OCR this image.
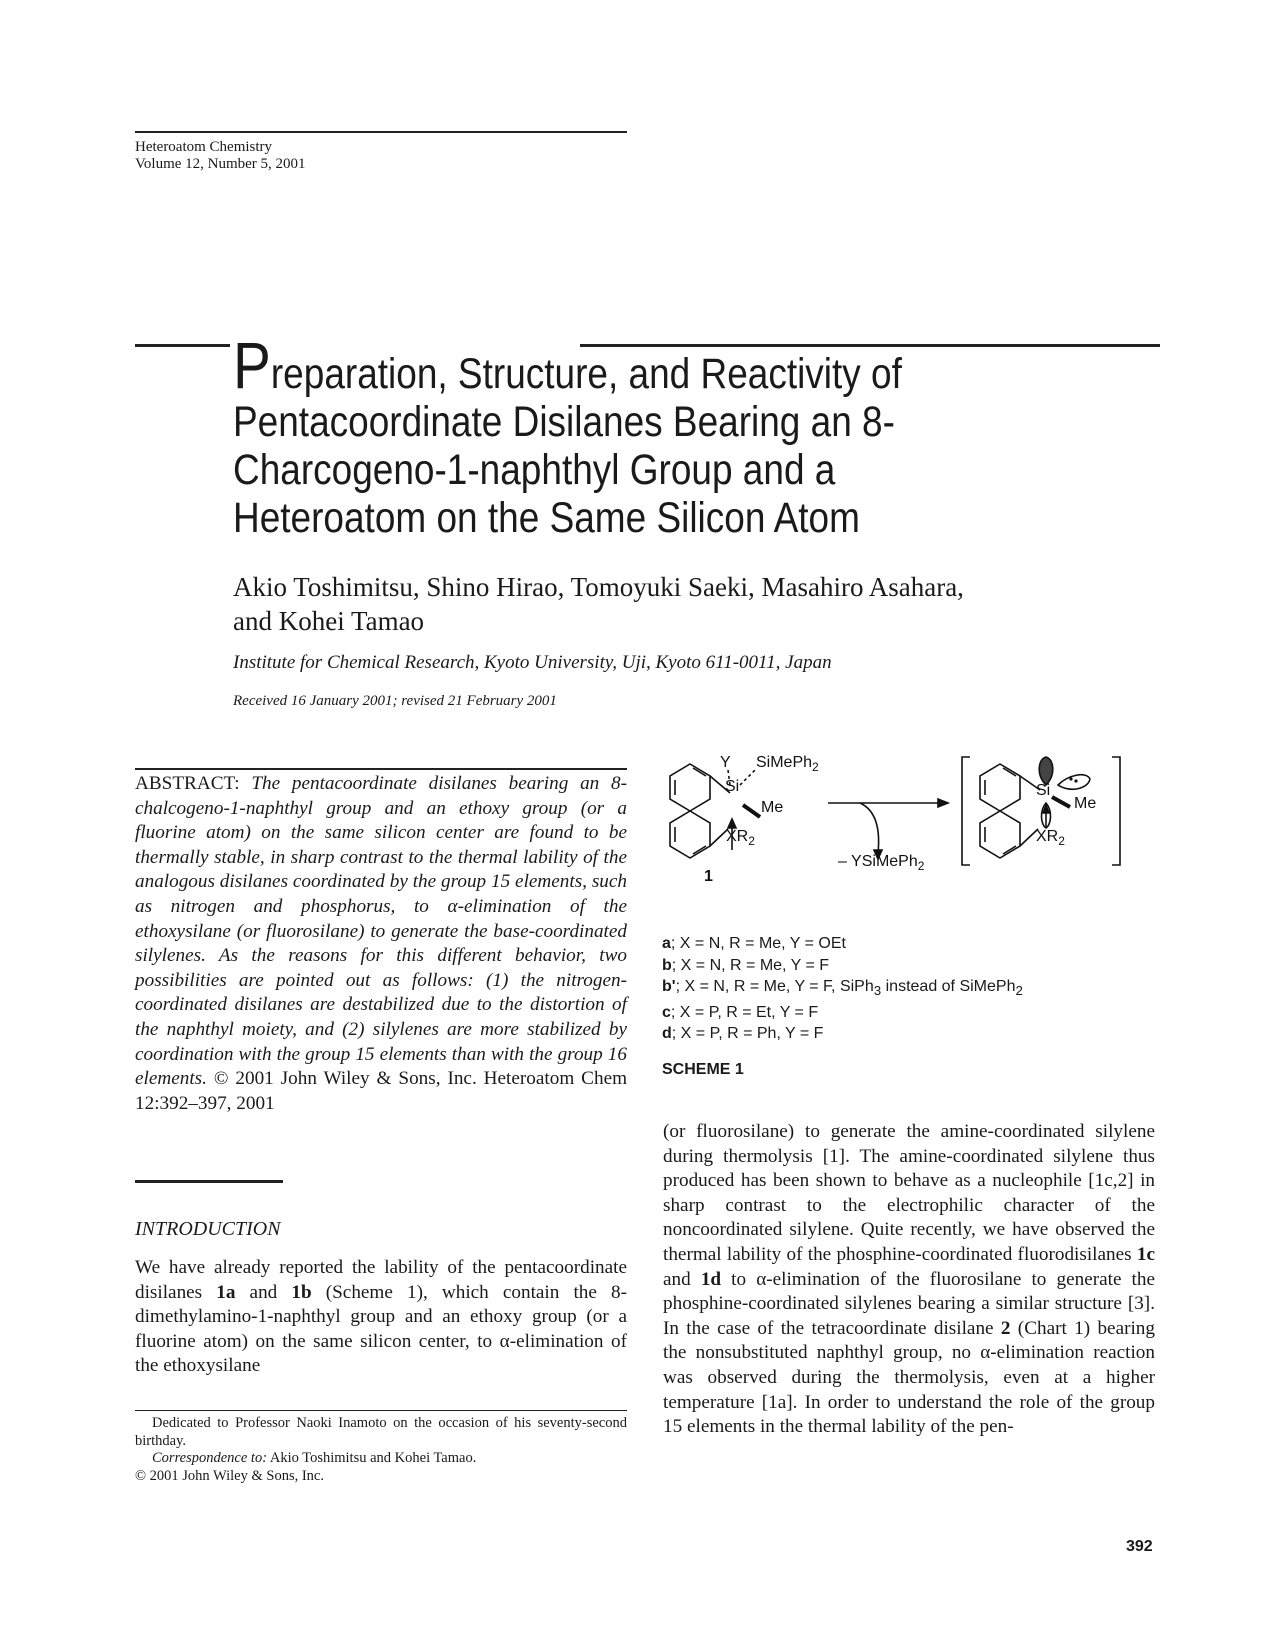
Heteroatom Chemistry
Volume 12, Number 5, 2001
Preparation, Structure, and Reactivity of
Pentacoordinate Disilanes Bearing an 8-
Charcogeno-1-naphthyl Group and a
Heteroatom on the Same Silicon Atom
Akio Toshimitsu, Shino Hirao, Tomoyuki Saeki, Masahiro Asahara,
and Kohei Tamao
Institute for Chemical Research, Kyoto University, Uji, Kyoto 611-0011, Japan
Received 16 January 2001; revised 21 February 2001
ABSTRACT: The pentacoordinate disilanes bearing an 8-chalcogeno-1-naphthyl group and an ethoxy group (or a fluorine atom) on the same silicon center are found to be thermally stable, in sharp contrast to the thermal lability of the analogous disilanes coordinated by the group 15 elements, such as nitrogen and phosphorus, to α-elimination of the ethoxysilane (or fluorosilane) to generate the base-coordinated silylenes. As the reasons for this different behavior, two possibilities are pointed out as follows: (1) the nitrogen-coordinated disilanes are destabilized due to the distortion of the naphthyl moiety, and (2) silylenes are more stabilized by coordination with the group 15 elements than with the group 16 elements. © 2001 John Wiley & Sons, Inc. Heteroatom Chem 12:392–397, 2001
INTRODUCTION
We have already reported the lability of the pentacoordinate disilanes 1a and 1b (Scheme 1), which contain the 8-dimethylamino-1-naphthyl group and an ethoxy group (or a fluorine atom) on the same silicon center, to α-elimination of the ethoxysilane

Dedicated to Professor Naoki Inamoto on the occasion of his seventy-second birthday.

Correspondence to: Akio Toshimitsu and Kohei Tamao.

© 2001 John Wiley & Sons, Inc.
Y SiMePh$_2$
Si
Me
$XR_2$
– YSiMePh$_2$
1
Si
Me
$XR_2$
a; X = N, R = Me, Y = OEt
b; X = N, R = Me, Y = F
b'; X = N, R = Me, Y = F, SiPh$_3$ instead of SiMePh$_2$
c; X = P, R = Et, Y = F
d; X = P, R = Ph, Y = F
SCHEME 1
(or fluorosilane) to generate the amine-coordinated silylene during thermolysis [1]. The amine-coordinated silylene thus produced has been shown to behave as a nucleophile [1c,2] in sharp contrast to the electrophilic character of the noncoordinated silylene. Quite recently, we have observed the thermal lability of the phosphine-coordinated fluorodisilanes 1c and 1d to α-elimination of the fluorosilane to generate the phosphine-coordinated silylenes bearing a similar structure [3]. In the case of the tetracoordinate disilane 2 (Chart 1) bearing the nonsubstituted naphthyl group, no α-elimination reaction was observed during the thermolysis, even at a higher temperature [1a]. In order to understand the role of the group 15 elements in the thermal lability of the pen-
392
